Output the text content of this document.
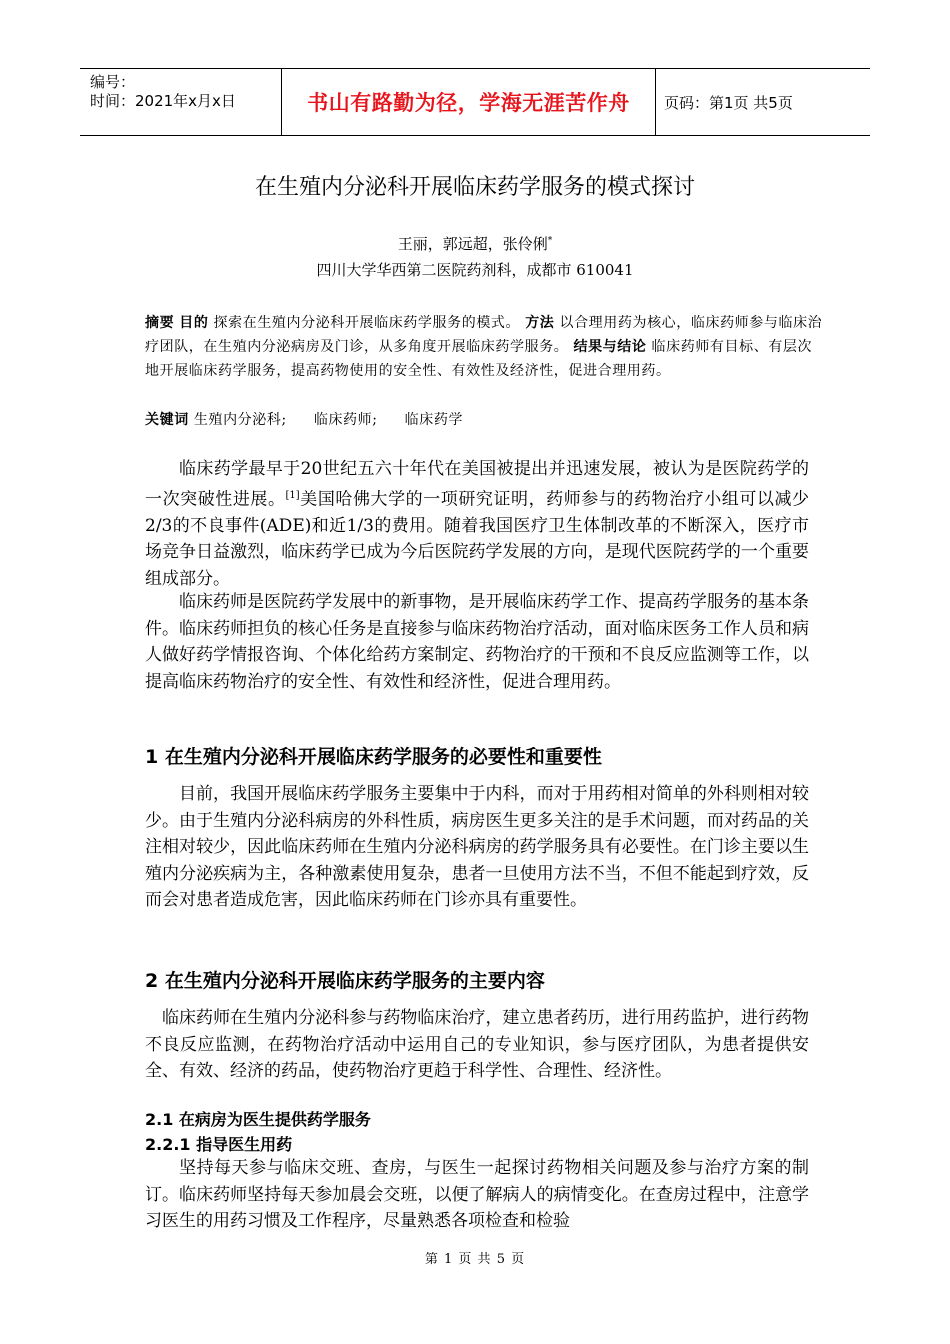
编号：
时间：2021年x月x日	书山有路勤为径，学海无涯苦作舟 页码：第1页 共5页
在生殖内分泌科开展临床药学服务的模式探讨
王丽，郭远超，张伶俐*
四川大学华西第二医院药剂科，成都市 610041
摘要 目的 探索在生殖内分泌科开展临床药学服务的模式。 方法 以合理用药为核心，临床药师参与临床治疗团队，在生殖内分泌病房及门诊，从多角度开展临床药学服务。 结果与结论 临床药师有目标、有层次地开展临床药学服务，提高药物使用的安全性、有效性及经济性，促进合理用药。
关键词 生殖内分泌科; 临床药师; 临床药学
临床药学最早于20世纪五六十年代在美国被提出并迅速发展，被认为是医院药学的一次突破性进展。[1]美国哈佛大学的一项研究证明，药师参与的药物治疗小组可以减少2/3的不良事件(ADE)和近1/3的费用。随着我国医疗卫生体制改革的不断深入，医疗市场竞争日益激烈，临床药学已成为今后医院药学发展的方向，是现代医院药学的一个重要组成部分。
临床药师是医院药学发展中的新事物，是开展临床药学工作、提高药学服务的基本条件。临床药师担负的核心任务是直接参与临床药物治疗活动，面对临床医务工作人员和病人做好药学情报咨询、个体化给药方案制定、药物治疗的干预和不良反应监测等工作，以提高临床药物治疗的安全性、有效性和经济性，促进合理用药。
1 在生殖内分泌科开展临床药学服务的必要性和重要性
目前，我国开展临床药学服务主要集中于内科，而对于用药相对简单的外科则相对较少。由于生殖内分泌科病房的外科性质，病房医生更多关注的是手术问题，而对药品的关注相对较少，因此临床药师在生殖内分泌科病房的药学服务具有必要性。在门诊主要以生殖内分泌疾病为主，各种激素使用复杂，患者一旦使用方法不当，不但不能起到疗效，反而会对患者造成危害，因此临床药师在门诊亦具有重要性。
2 在生殖内分泌科开展临床药学服务的主要内容
临床药师在生殖内分泌科参与药物临床治疗，建立患者药历，进行用药监护，进行药物不良反应监测，在药物治疗活动中运用自己的专业知识，参与医疗团队，为患者提供安全、有效、经济的药品，使药物治疗更趋于科学性、合理性、经济性。
2.1 在病房为医生提供药学服务
2.2.1 指导医生用药
坚持每天参与临床交班、查房，与医生一起探讨药物相关问题及参与治疗方案的制订。临床药师坚持每天参加晨会交班，以便了解病人的病情变化。在查房过程中，注意学习医生的用药习惯及工作程序，尽量熟悉各项检查和检验
第 1 页 共 5 页
